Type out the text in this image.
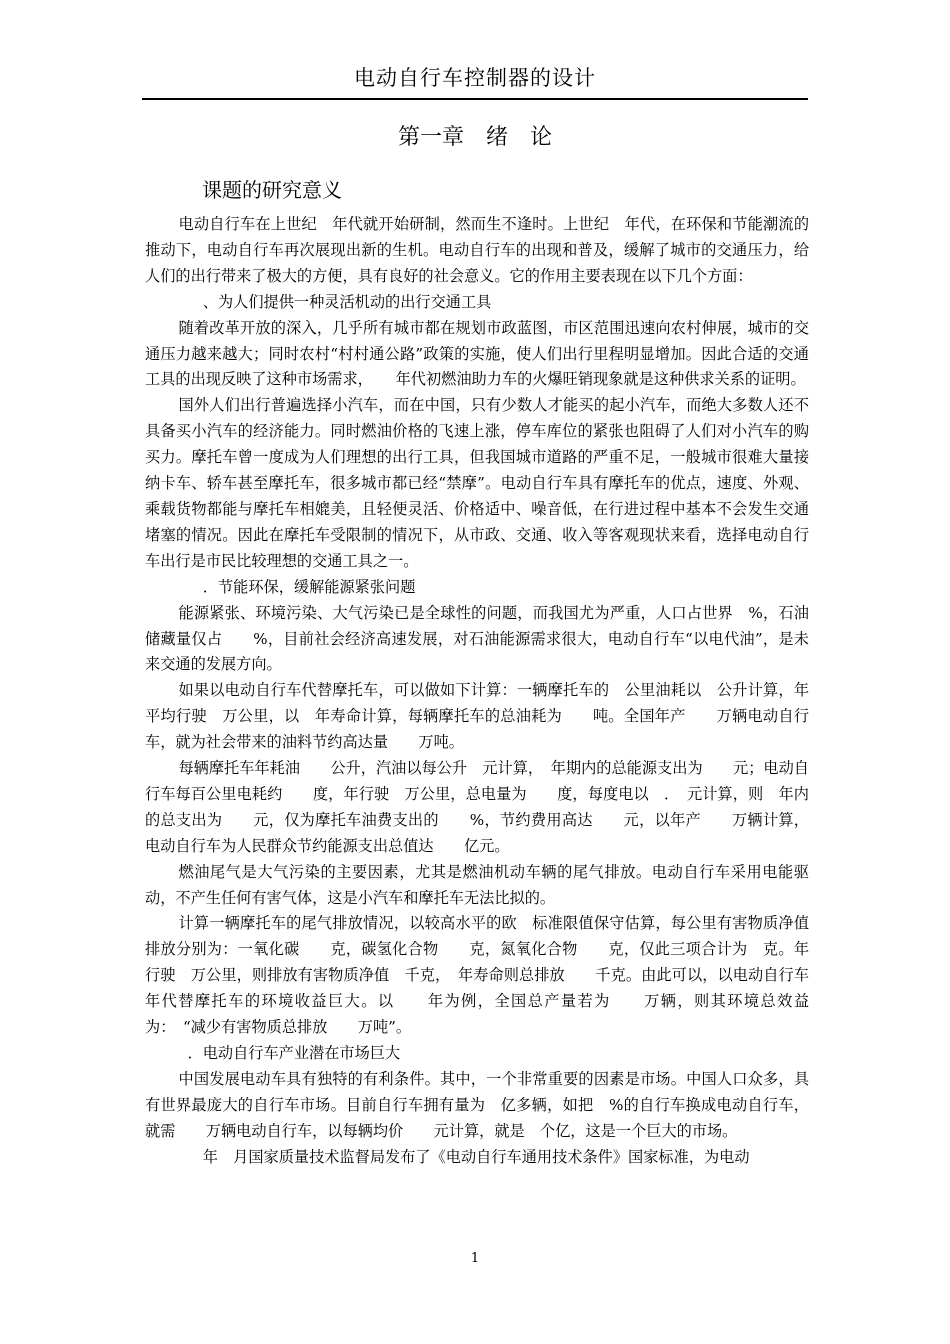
电动自行车控制器的设计
第一章　绪　论
课题的研究意义

电动自行车在上世纪　年代就开始研制，然而生不逢时。上世纪　年代，在环保和节能潮流的推动下，电动自行车再次展现出新的生机。电动自行车的出现和普及，缓解了城市的交通压力，给人们的出行带来了极大的方便，具有良好的社会意义。它的作用主要表现在以下几个方面：

、为人们提供一种灵活机动的出行交通工具

随着改革开放的深入，几乎所有城市都在规划市政蓝图，市区范围迅速向农村伸展，城市的交通压力越来越大；同时农村“村村通公路”政策的实施，使人们出行里程明显增加。因此合适的交通工具的出现反映了这种市场需求，　　年代初燃油助力车的火爆旺销现象就是这种供求关系的证明。

国外人们出行普遍选择小汽车，而在中国，只有少数人才能买的起小汽车，而绝大多数人还不具备买小汽车的经济能力。同时燃油价格的飞速上涨，停车库位的紧张也阻碍了人们对小汽车的购买力。摩托车曾一度成为人们理想的出行工具，但我国城市道路的严重不足，一般城市很难大量接纳卡车、轿车甚至摩托车，很多城市都已经“禁摩”。电动自行车具有摩托车的优点，速度、外观、乘载货物都能与摩托车相媲美，且轻便灵活、价格适中、噪音低，在行进过程中基本不会发生交通堵塞的情况。因此在摩托车受限制的情况下，从市政、交通、收入等客观现状来看，选择电动自行车出行是市民比较理想的交通工具之一。

．节能环保，缓解能源紧张问题

能源紧张、环境污染、大气污染已是全球性的问题，而我国尤为严重，人口占世界　%，石油储藏量仅占　　%，目前社会经济高速发展，对石油能源需求很大，电动自行车“以电代油”，是未来交通的发展方向。

如果以电动自行车代替摩托车，可以做如下计算：一辆摩托车的　公里油耗以　公升计算，年平均行驶　万公里，以　年寿命计算，每辆摩托车的总油耗为　　吨。全国年产　　万辆电动自行车，就为社会带来的油料节约高达量　　万吨。

每辆摩托车年耗油　　公升，汽油以每公升　元计算，　年期内的总能源支出为　　元；电动自行车每百公里电耗约　　度，年行驶　万公里，总电量为　　度，每度电以　．　元计算，则　年内的总支出为　　元，仅为摩托车油费支出的　　%，节约费用高达　　元，以年产　　万辆计算，电动自行车为人民群众节约能源支出总值达　　亿元。

燃油尾气是大气污染的主要因素，尤其是燃油机动车辆的尾气排放。电动自行车采用电能驱动，不产生任何有害气体，这是小汽车和摩托车无法比拟的。

计算一辆摩托车的尾气排放情况，以较高水平的欧　标准限值保守估算，每公里有害物质净值排放分别为：一氧化碳　　克，碳氢化合物　　克，氮氧化合物　　克，仅此三项合计为　克。年行驶　万公里，则排放有害物质净值　千克，　年寿命则总排放　　千克。由此可以，以电动自行车年代替摩托车的环境收益巨大。以　　年为例，全国总产量若为　　万辆，则其环境总效益为：　“减少有害物质总排放　　万吨”。

．电动自行车产业潜在市场巨大

中国发展电动车具有独特的有利条件。其中，一个非常重要的因素是市场。中国人口众多，具有世界最庞大的自行车市场。目前自行车拥有量为　亿多辆，如把　%的自行车换成电动自行车，就需　　万辆电动自行车，以每辆均价　　元计算，就是　个亿，这是一个巨大的市场。

年　月国家质量技术监督局发布了《电动自行车通用技术条件》国家标准，为电动

1
